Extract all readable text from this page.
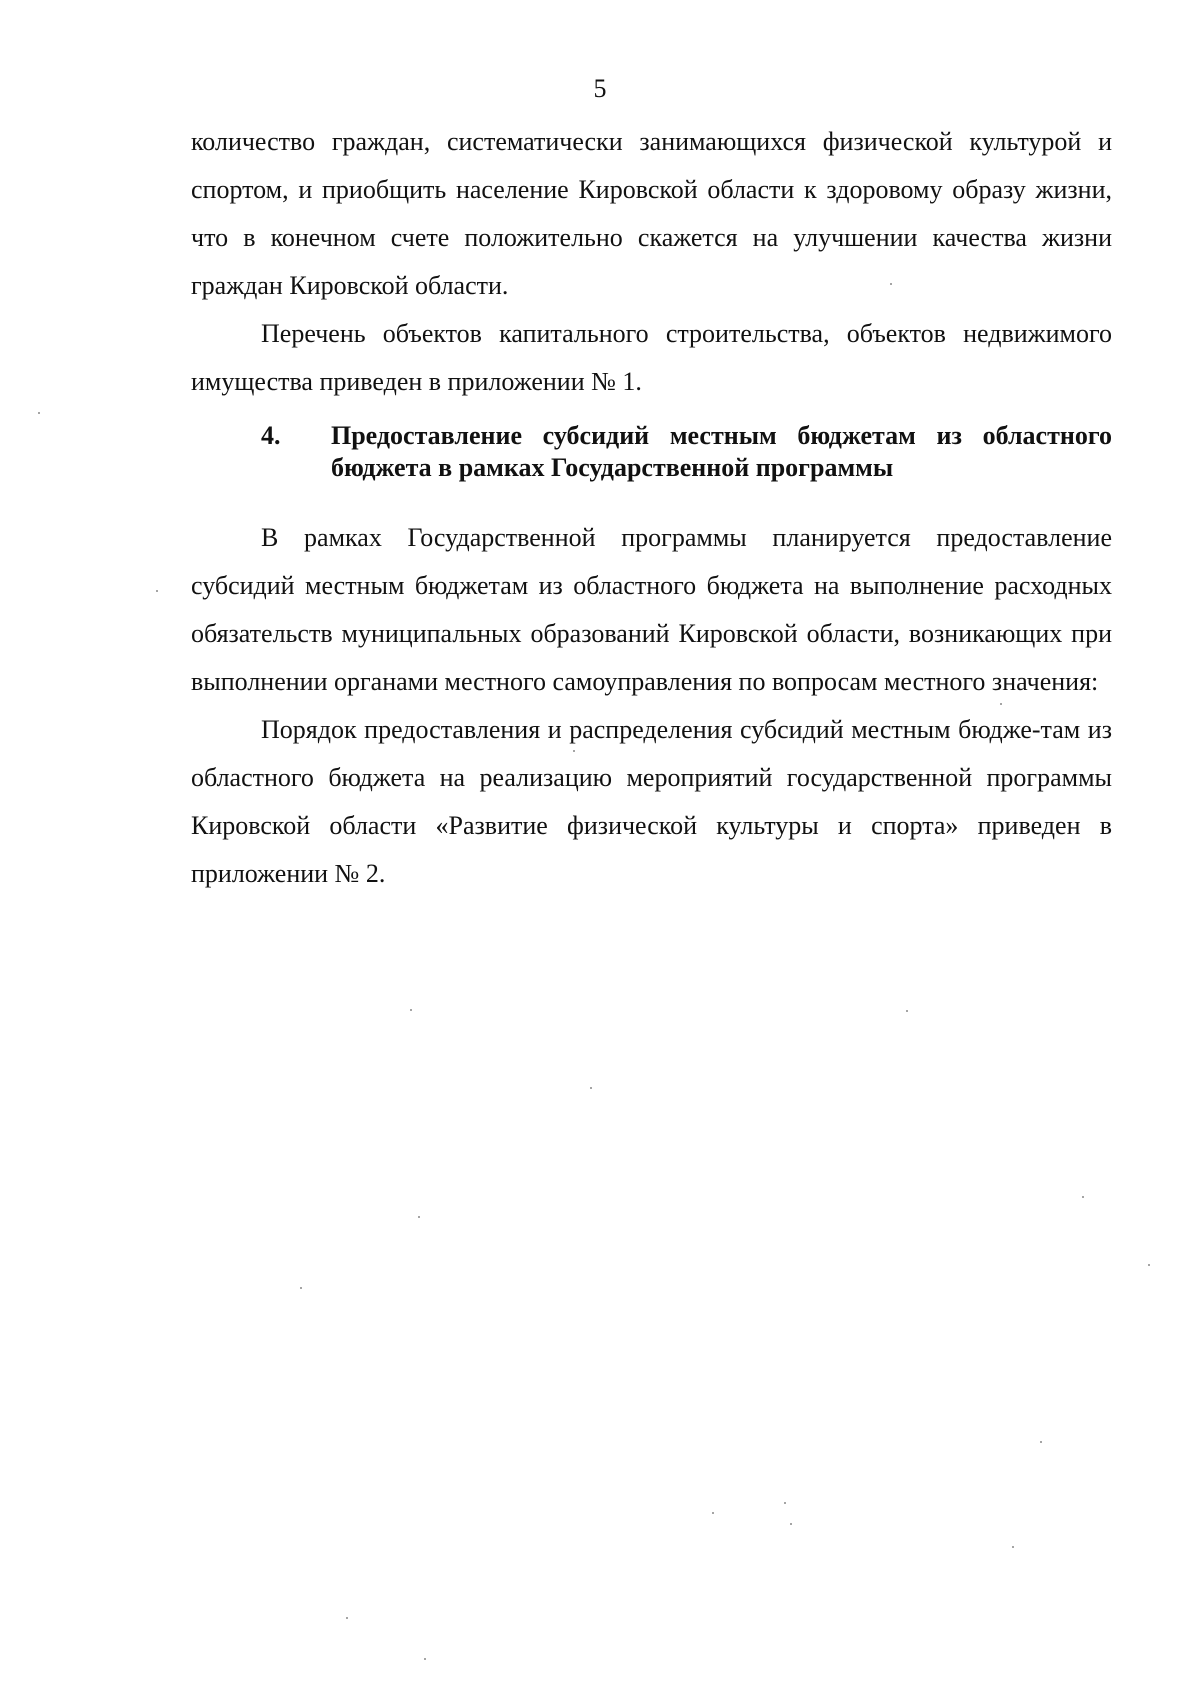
5

количество граждан, систематически занимающихся физической культурой и спортом, и приобщить население Кировской области к здоровому образу жизни, что в конечном счете положительно скажется на улучшении качества жизни граждан Кировской области.

Перечень объектов капитального строительства, объектов недвижимого имущества приведен в приложении № 1.

4.	Предоставление субсидий местным бюджетам из областного бюджета в рамках Государственной программы

В рамках Государственной программы планируется предоставление субсидий местным бюджетам из областного бюджета на выполнение расходных обязательств муниципальных образований Кировской области, возникающих при выполнении органами местного самоуправления по вопросам местного значения:

Порядок предоставления и распределения субсидий местным бюдже-там из областного бюджета на реализацию мероприятий государственной программы Кировской области «Развитие физической культуры и спорта» приведен в приложении № 2.
